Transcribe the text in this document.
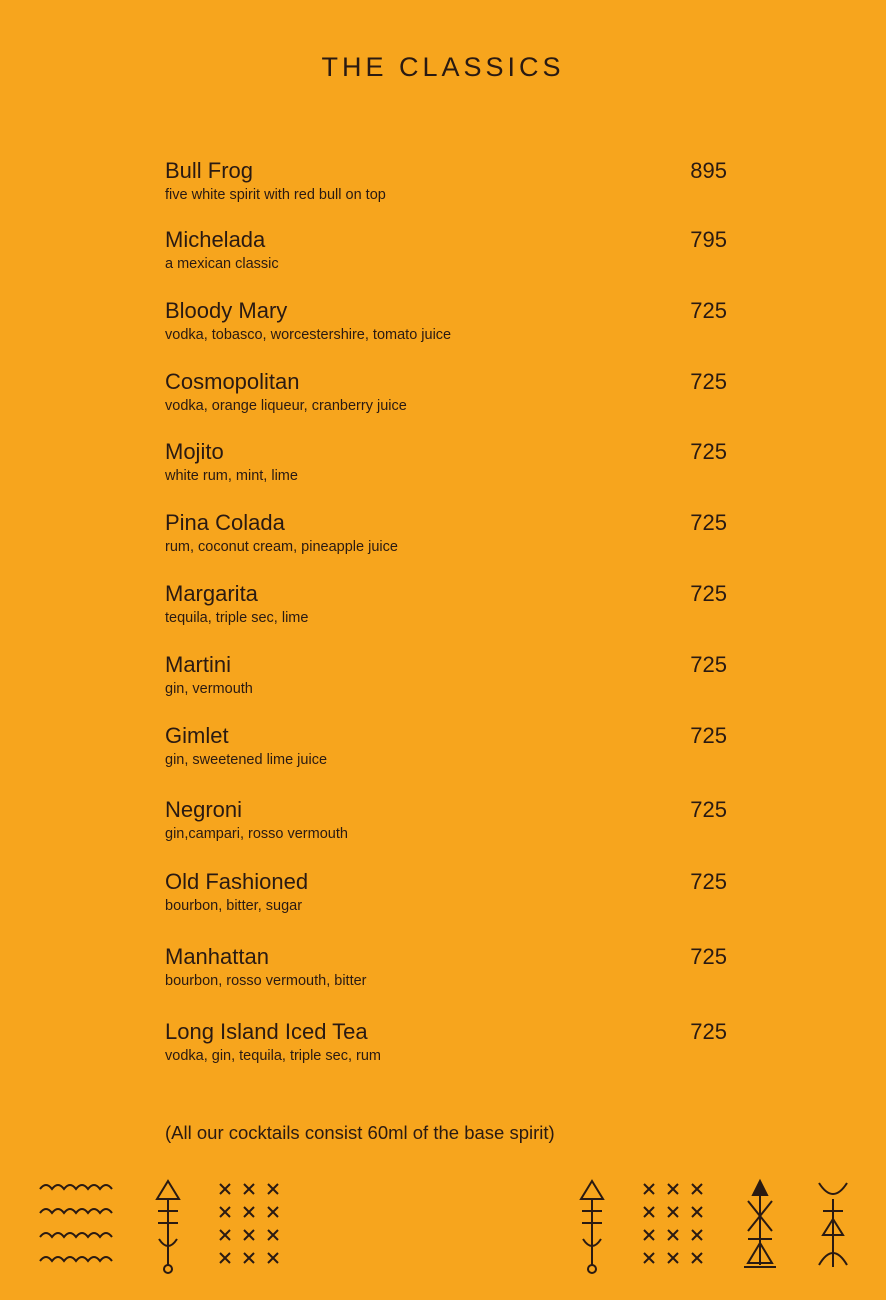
THE CLASSICS
Bull Frog
five white spirit with red bull on top
895
Michelada
a mexican classic
795
Bloody Mary
vodka, tobasco, worcestershire, tomato juice
725
Cosmopolitan
vodka, orange liqueur, cranberry juice
725
Mojito
white rum, mint, lime
725
Pina Colada
rum, coconut cream, pineapple juice
725
Margarita
tequila, triple sec, lime
725
Martini
gin, vermouth
725
Gimlet
gin, sweetened lime juice
725
Negroni
gin,campari, rosso vermouth
725
Old Fashioned
bourbon, bitter, sugar
725
Manhattan
bourbon, rosso vermouth, bitter
725
Long Island Iced Tea
vodka, gin, tequila, triple sec, rum
725
(All our cocktails consist 60ml of the base spirit)
